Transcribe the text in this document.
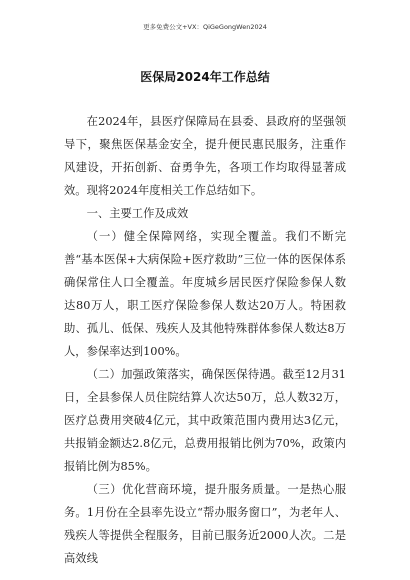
更多免费公文+VX：QiGeGongWen2024
医保局2024年工作总结

在2024年，县医疗保障局在县委、县政府的坚强领导下，聚焦医保基金安全，提升便民惠民服务，注重作风建设，开拓创新、奋勇争先，各项工作均取得显著成效。现将2024年度相关工作总结如下。

一、主要工作及成效

（一）健全保障网络，实现全覆盖。我们不断完善“基本医保+大病保险+医疗救助”三位一体的医保体系确保常住人口全覆盖。年度城乡居民医疗保险参保人数达80万人，职工医疗保险参保人数达20万人。特困救助、孤儿、低保、残疾人及其他特殊群体参保人数达8万人，参保率达到100%。

（二）加强政策落实，确保医保待遇。截至12月31日，全县参保人员住院结算人次达50万，总人数32万，医疗总费用突破4亿元，其中政策范围内费用达3亿元，共报销金额达2.8亿元，总费用报销比例为70%，政策内报销比例为85%。

（三）优化营商环境，提升服务质量。一是热心服务。1月份在全县率先设立“帮办服务窗口”，为老年人、残疾人等提供全程服务，目前已服务近2000人次。二是高效线
